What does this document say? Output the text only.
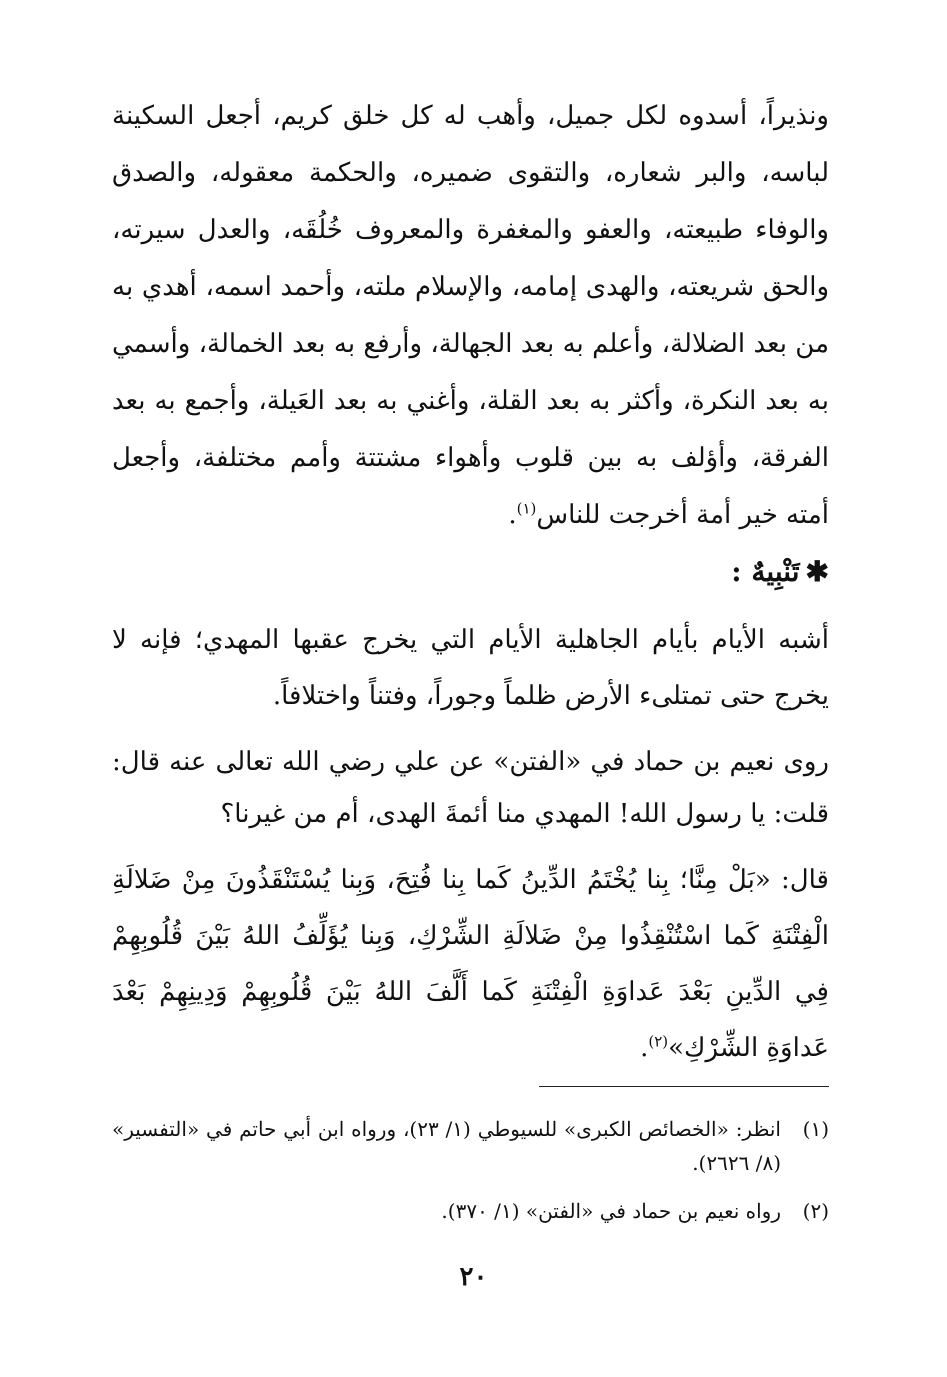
ونذيراً، أسدوه لكل جميل، وأهب له كل خلق كريم، أجعل السكينة لباسه، والبر شعاره، والتقوى ضميره، والحكمة معقوله، والصدق والوفاء طبيعته، والعفو والمغفرة والمعروف خُلُقَه، والعدل سيرته، والحق شريعته، والهدى إمامه، والإسلام ملته، وأحمد اسمه، أهدي به من بعد الضلالة، وأعلم به بعد الجهالة، وأرفع به بعد الخمالة، وأسمي به بعد النكرة، وأكثر به بعد القلة، وأغني به بعد العَيلة، وأجمع به بعد الفرقة، وأؤلف به بين قلوب وأهواء مشتتة وأمم مختلفة، وأجعل أمته خير أمة أخرجت للناس$^{(١)}$.

✱تَنْبِيهٌ :

أشبه الأيام بأيام الجاهلية الأيام التي يخرج عقبها المهدي؛ فإنه لا يخرج حتى تمتلىء الأرض ظلماً وجوراً، وفتناً واختلافاً.

روى نعيم بن حماد في «الفتن» عن علي رضي الله تعالى عنه قال: قلت: يا رسول الله! المهدي منا أئمةَ الهدى، أم من غيرنا؟

قال: «بَلْ مِنَّا؛ بِنا يُخْتَمُ الدِّينُ كَما بِنا فُتِحَ، وَبِنا يُسْتَنْقَذُونَ مِنْ ضَلالَةِ الْفِتْنَةِ كَما اسْتُنْقِذُوا مِنْ ضَلالَةِ الشِّرْكِ، وَبِنا يُؤَلِّفُ اللهُ بَيْنَ قُلُوبِهِمْ فِي الدِّينِ بَعْدَ عَداوَةِ الْفِتْنَةِ كَما أَلَّفَ اللهُ بَيْنَ قُلُوبِهِمْ وَدِينِهِمْ بَعْدَ عَداوَةِ الشِّرْكِ»$^{(٢)}$.

(١)
انظر: «الخصائص الكبرى» للسيوطي (١/ ٢٣)، ورواه ابن أبي حاتم في «التفسير» (٨/ ٢٦٢٦).
(٢)
رواه نعيم بن حماد في «الفتن» (١/ ٣٧٠).
٢٠
